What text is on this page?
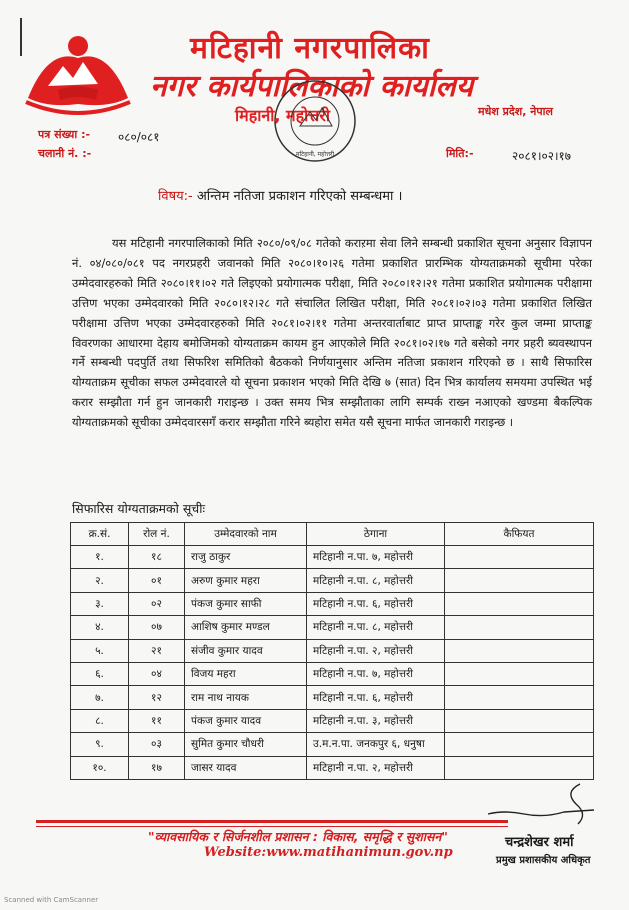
मटिहानी नगरपालिका
नगर कार्यपालिकाको कार्यालय
मिहानी, महोत्तरी	मधेश प्रदेश, नेपाल
मटिहानी, महोत्तरी
पत्र संख्या :- ०८०/०८१
चलानी नं. :-	मिति:-	२०८१।०२।१७
विषय:- अन्तिम नतिजा प्रकाशन गरिएको सम्बन्धमा ।

यस मटिहानी नगरपालिकाको मिति २०८०/०९/०८ गतेको कराऱमा सेवा लिने सम्बन्धी प्रकाशित सूचना अनुसार विज्ञापन नं. ०४/०८०/०८१ पद नगरप्रहरी जवानको मिति २०८०।१०।२६ गतेमा प्रकाशित प्रारम्भिक योग्यताक्रमको सूचीमा परेका उम्मेदवारहरुको मिति २०८०।११।०२ गते लिइएको प्रयोगात्मक परीक्षा, मिति २०८०।१२।२१ गतेमा प्रकाशित प्रयोगात्मक परीक्षामा उत्तिण भएका उम्मेदवारको मिति २०८०।१२।२८ गते संचालित लिखित परीक्षा, मिति २०८१।०२।०३ गतेमा प्रकाशित लिखित परीक्षामा उत्तिण भएका उम्मेदवारहरुको मिति २०८१।०२।११ गतेमा अन्तरवार्ताबाट प्राप्त प्राप्ताङ्क गरेर कुल जम्मा प्राप्ताङ्क विवरणका आधारमा देहाय बमोजिमको योग्यताक्रम कायम हुन आएकोले मिति २०८१।०२।१७ गते बसेको नगर प्रहरी ब्यवस्थापन गर्ने सम्बन्धी पदपुर्ति तथा सिफरिश समितिको बैठकको निर्णयानुसार अन्तिम नतिजा प्रकाशन गरिएको छ । साथै सिफारिस योग्यताक्रम सूचीका सफल उम्मेदवारले यो सूचना प्रकाशन भएको मिति देखि ७ (सात) दिन भित्र कार्यालय समयमा उपस्थित भई करार सम्झौता गर्न हुन जानकारी गराइन्छ । उक्त समय भित्र सम्झौताका लागि सम्पर्क राख्न नआएको खण्डमा बैकल्पिक योग्यताक्रमको सूचीका उम्मेदवारसगँ करार सम्झौता गरिने ब्यहोरा समेत यसै सूचना मार्फत जानकारी गराइन्छ ।

सिफारिस योग्यताक्रमको सूचीः
क्र.सं.	रोल नं.	उम्मेदवारको नाम	ठेगाना	कैफियत
१.	१८	राजु ठाकुर	मटिहानी न.पा. ७, महोत्तरी	
२.	०१	अरुण कुमार महरा	मटिहानी न.पा. ८, महोत्तरी	
३.	०२	पंकज कुमार साफी	मटिहानी न.पा. ६, महोत्तरी	
४.	०७	आशिष कुमार मण्डल	मटिहानी न.पा. ८, महोत्तरी	
५.	२१	संजीव कुमार यादव	मटिहानी न.पा. २, महोत्तरी	
६.	०४	विजय महरा	मटिहानी न.पा. ७, महोत्तरी	
७.	१२	राम नाथ नायक	मटिहानी न.पा. ६, महोत्तरी	
८.	११	पंकज कुमार यादव	मटिहानी न.पा. ३, महोत्तरी	
९.	०३	सुमित कुमार चौधरी	उ.म.न.पा. जनकपुर ६, धनुषा	
१०.	१७	जासर यादव	मटिहानी न.पा. २, महोत्तरी	
"व्यावसायिक र सिर्जनशील प्रशासन : विकास, समृद्धि र सुशासन"
Website:www.matihanimun.gov.np
चन्द्रशेखर शर्मा
प्रमुख प्रशासकीय अधिकृत
Scanned with CamScanner
